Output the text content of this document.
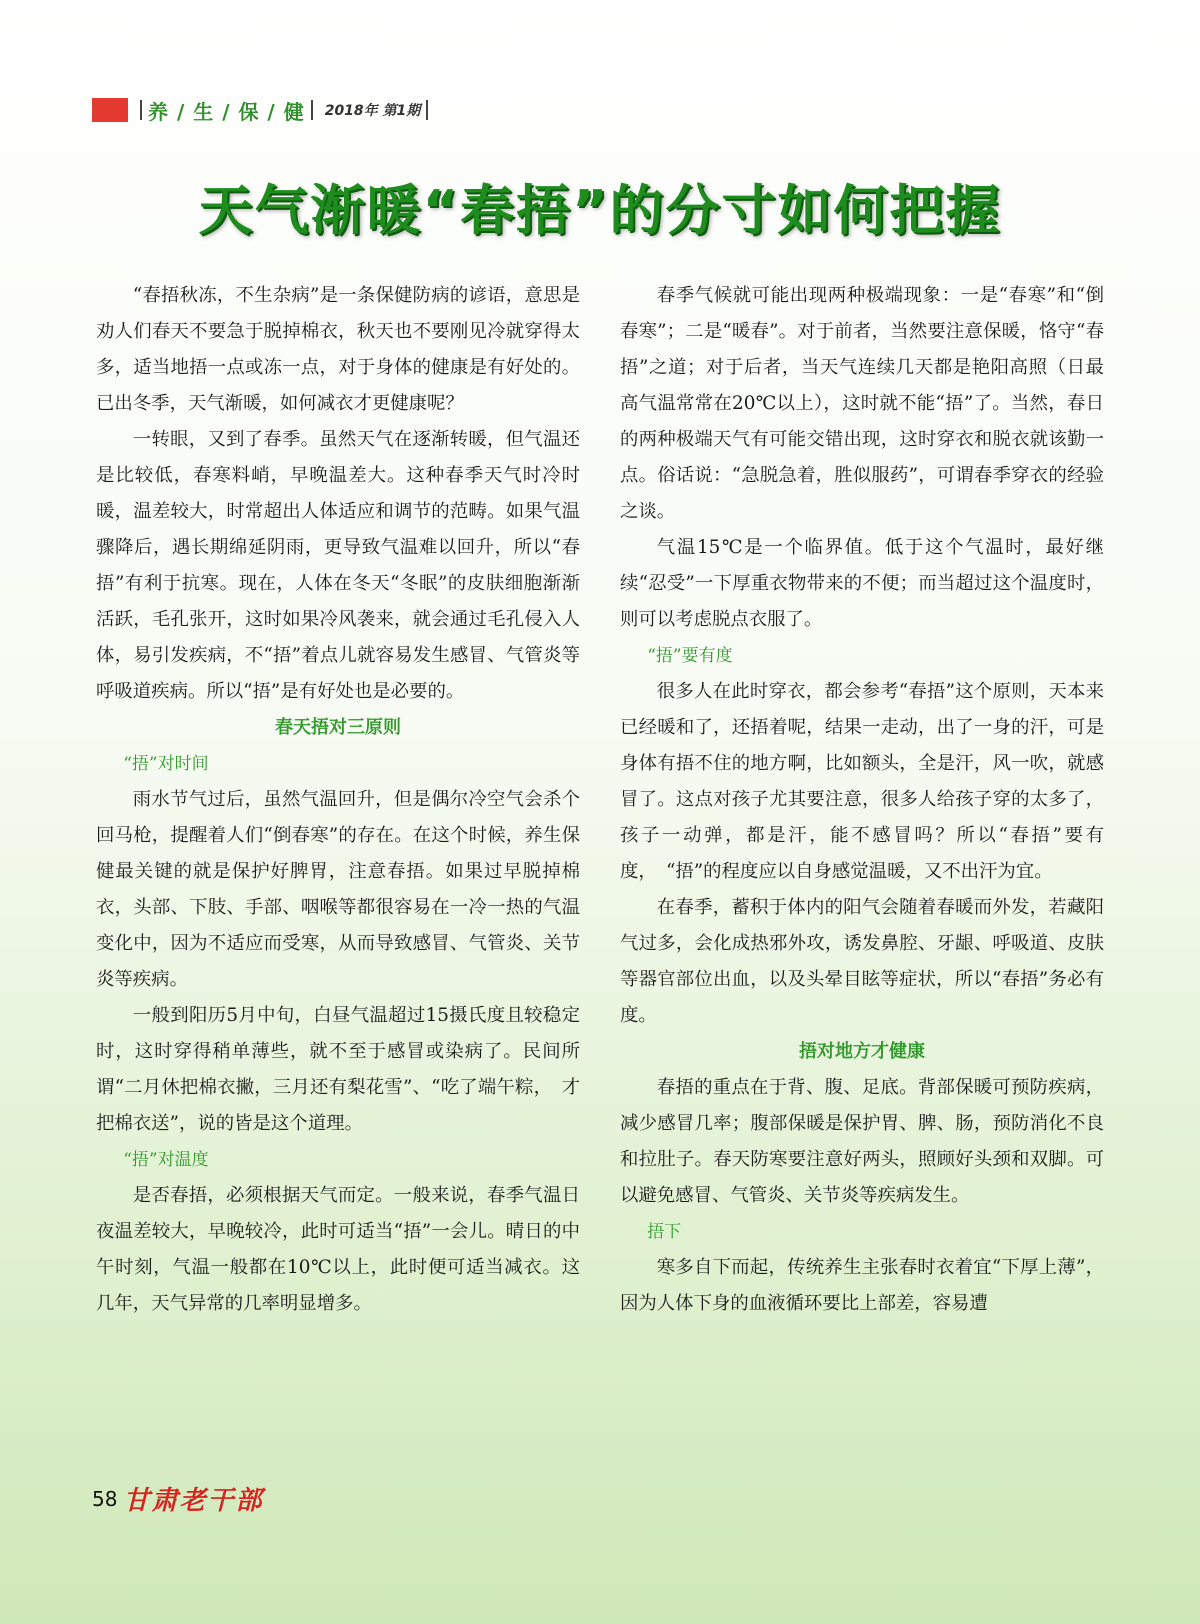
养 / 生 / 保 / 健 2018年 第1期
天气渐暖“春捂”的分寸如何把握

“春捂秋冻，不生杂病”是一条保健防病的谚语，意思是劝人们春天不要急于脱掉棉衣，秋天也不要刚见冷就穿得太多，适当地捂一点或冻一点，对于身体的健康是有好处的。已出冬季，天气渐暖，如何减衣才更健康呢？

一转眼，又到了春季。虽然天气在逐渐转暖，但气温还是比较低，春寒料峭，早晚温差大。这种春季天气时冷时暖，温差较大，时常超出人体适应和调节的范畴。如果气温骤降后，遇长期绵延阴雨，更导致气温难以回升，所以“春捂”有利于抗寒。现在，人体在冬天“冬眠”的皮肤细胞渐渐活跃，毛孔张开，这时如果冷风袭来，就会通过毛孔侵入人体，易引发疾病，不“捂”着点儿就容易发生感冒、气管炎等呼吸道疾病。所以“捂”是有好处也是必要的。

春天捂对三原则

“捂”对时间

雨水节气过后，虽然气温回升，但是偶尔冷空气会杀个回马枪，提醒着人们“倒春寒”的存在。在这个时候，养生保健最关键的就是保护好脾胃，注意春捂。如果过早脱掉棉衣，头部、下肢、手部、咽喉等都很容易在一冷一热的气温变化中，因为不适应而受寒，从而导致感冒、气管炎、关节炎等疾病。

一般到阳历5月中旬，白昼气温超过15摄氏度且较稳定时，这时穿得稍单薄些，就不至于感冒或染病了。民间所谓“二月休把棉衣撇，三月还有梨花雪”、“吃了端午粽，　才把棉衣送”，说的皆是这个道理。

“捂”对温度

是否春捂，必须根据天气而定。一般来说，春季气温日夜温差较大，早晚较冷，此时可适当“捂”一会儿。晴日的中午时刻，气温一般都在10℃以上，此时便可适当减衣。这几年，天气异常的几率明显增多。

春季气候就可能出现两种极端现象：一是“春寒”和“倒春寒”；二是“暖春”。对于前者，当然要注意保暖，恪守“春捂”之道；对于后者，当天气连续几天都是艳阳高照（日最高气温常常在20℃以上），这时就不能“捂”了。当然，春日的两种极端天气有可能交错出现，这时穿衣和脱衣就该勤一点。俗话说：“急脱急着，胜似服药”，可谓春季穿衣的经验之谈。

气温15℃是一个临界值。低于这个气温时，最好继续“忍受”一下厚重衣物带来的不便；而当超过这个温度时，则可以考虑脱点衣服了。

“捂”要有度

很多人在此时穿衣，都会参考“春捂”这个原则，天本来已经暖和了，还捂着呢，结果一走动，出了一身的汗，可是身体有捂不住的地方啊，比如额头，全是汗，风一吹，就感冒了。这点对孩子尤其要注意，很多人给孩子穿的太多了，孩子一动弹，都是汗，能不感冒吗？所以“春捂”要有度，　“捂”的程度应以自身感觉温暖，又不出汗为宜。

在春季，蓄积于体内的阳气会随着春暖而外发，若藏阳气过多，会化成热邪外攻，诱发鼻腔、牙龈、呼吸道、皮肤等器官部位出血，以及头晕目眩等症状，所以“春捂”务必有度。

捂对地方才健康

春捂的重点在于背、腹、足底。背部保暖可预防疾病，减少感冒几率；腹部保暖是保护胃、脾、肠，预防消化不良和拉肚子。春天防寒要注意好两头，照顾好头颈和双脚。可以避免感冒、气管炎、关节炎等疾病发生。

捂下

寒多自下而起，传统养生主张春时衣着宜“下厚上薄”，因为人体下身的血液循环要比上部差，容易遭

58 甘肃老干部
